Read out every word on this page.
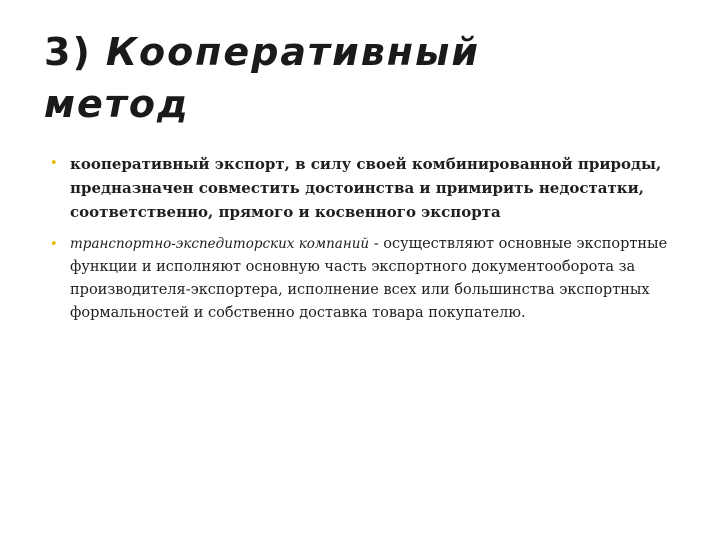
3) Кооперативный
метод
• кооперативный экспорт, в силу своей комбинированной природы, предназначен совместить достоинства и примирить недостатки, соответственно, прямого и косвенного экспорта
• транспортно-экспедиторских компаний - осуществляют основные экспортные функции и исполняют основную часть экспортного документооборота за производителя-экспортера, исполнение всех или большинства экспортных формальностей и собственно доставка товара покупателю.
